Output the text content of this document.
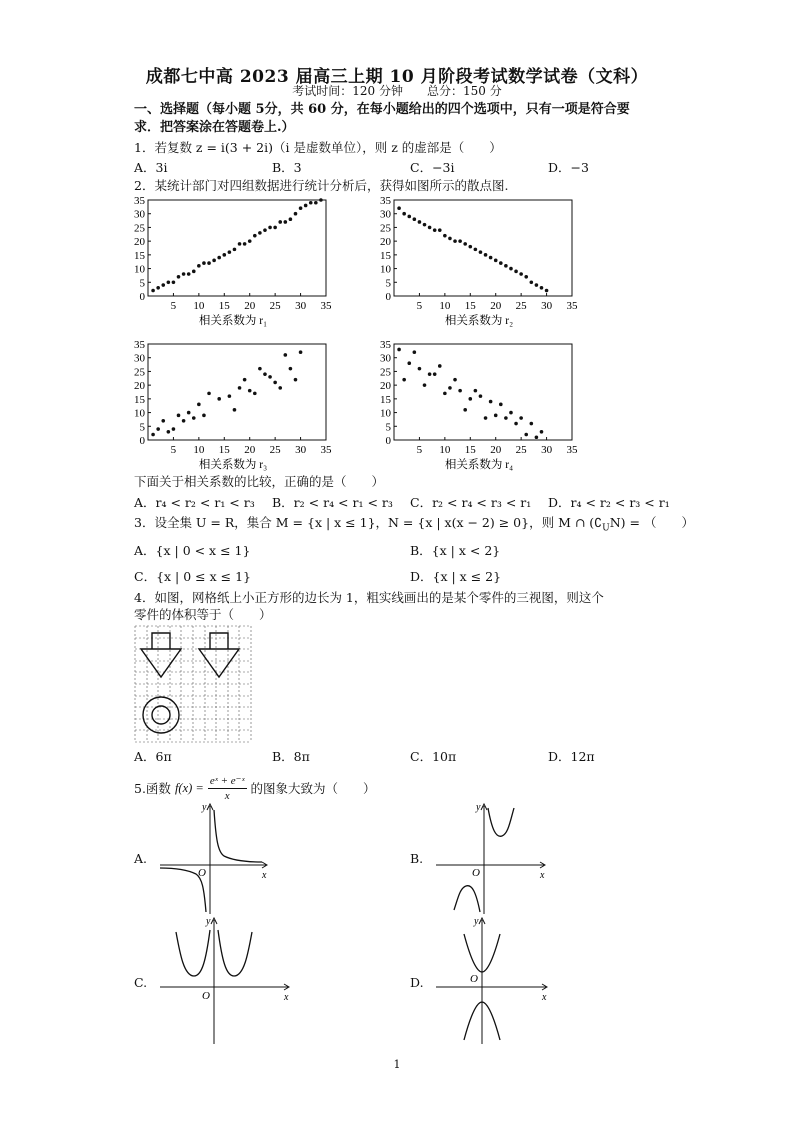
成都七中高 2023 届高三上期 10 月阶段考试数学试卷（文科）
考试时间：120 分钟　　总分：150 分
一、选择题（每小题 5分，共 60 分，在每小题给出的四个选项中，只有一项是符合要
求．把答案涂在答题卷上.）
1．若复数 z = i(3 + 2i)（i 是虚数单位），则 z 的虚部是（　　）
A．3i	B．3	C．−3i	D．−3
2．某统计部门对四组数据进行统计分析后，获得如图所示的散点图.
0
5
10
15
20
25
30
35
5 10 15 20 25 30 35
相关系数为 r₁
0
5
10
15
20
25
30
35
5 10 15 20 25 30 35
相关系数为 r₂
0
5
10
15
20
25
30
35
5 10 15 20 25 30 35
相关系数为 r₃
0
5
10
15
20
25
30
35
5 10 15 20 25 30 35
相关系数为 r₄
下面关于相关系数的比较，正确的是（　　）
A．r₄ < r₂ < r₁ < r₃ B．r₂ < r₄ < r₁ < r₃ C．r₂ < r₄ < r₃ < r₁ D．r₄ < r₂ < r₃ < r₁
3．设全集 U = R，集合 M = {x | x ≤ 1}，N = {x | x(x − 2) ≥ 0}，则 M ∩ $(∁_UN)$ = （　　）
A．{x | 0 < x ≤ 1}	B．{x | x < 2}
C．{x | 0 ≤ x ≤ 1}	D．{x | x ≤ 2}
4．如图，网格纸上小正方形的边长为 1，粗实线画出的是某个零件的三视图，则这个
零件的体积等于（　　）
A．6π	B．8π	C．10π	D．12π
5.函数 $f(x) = \frac{\text{eˣ + e⁻ˣ}}{x}$ 的图象大致为（　　）
A.	B.
C.	D.
O	x
y
O	x
y
O	x
y
O
x
y
1
